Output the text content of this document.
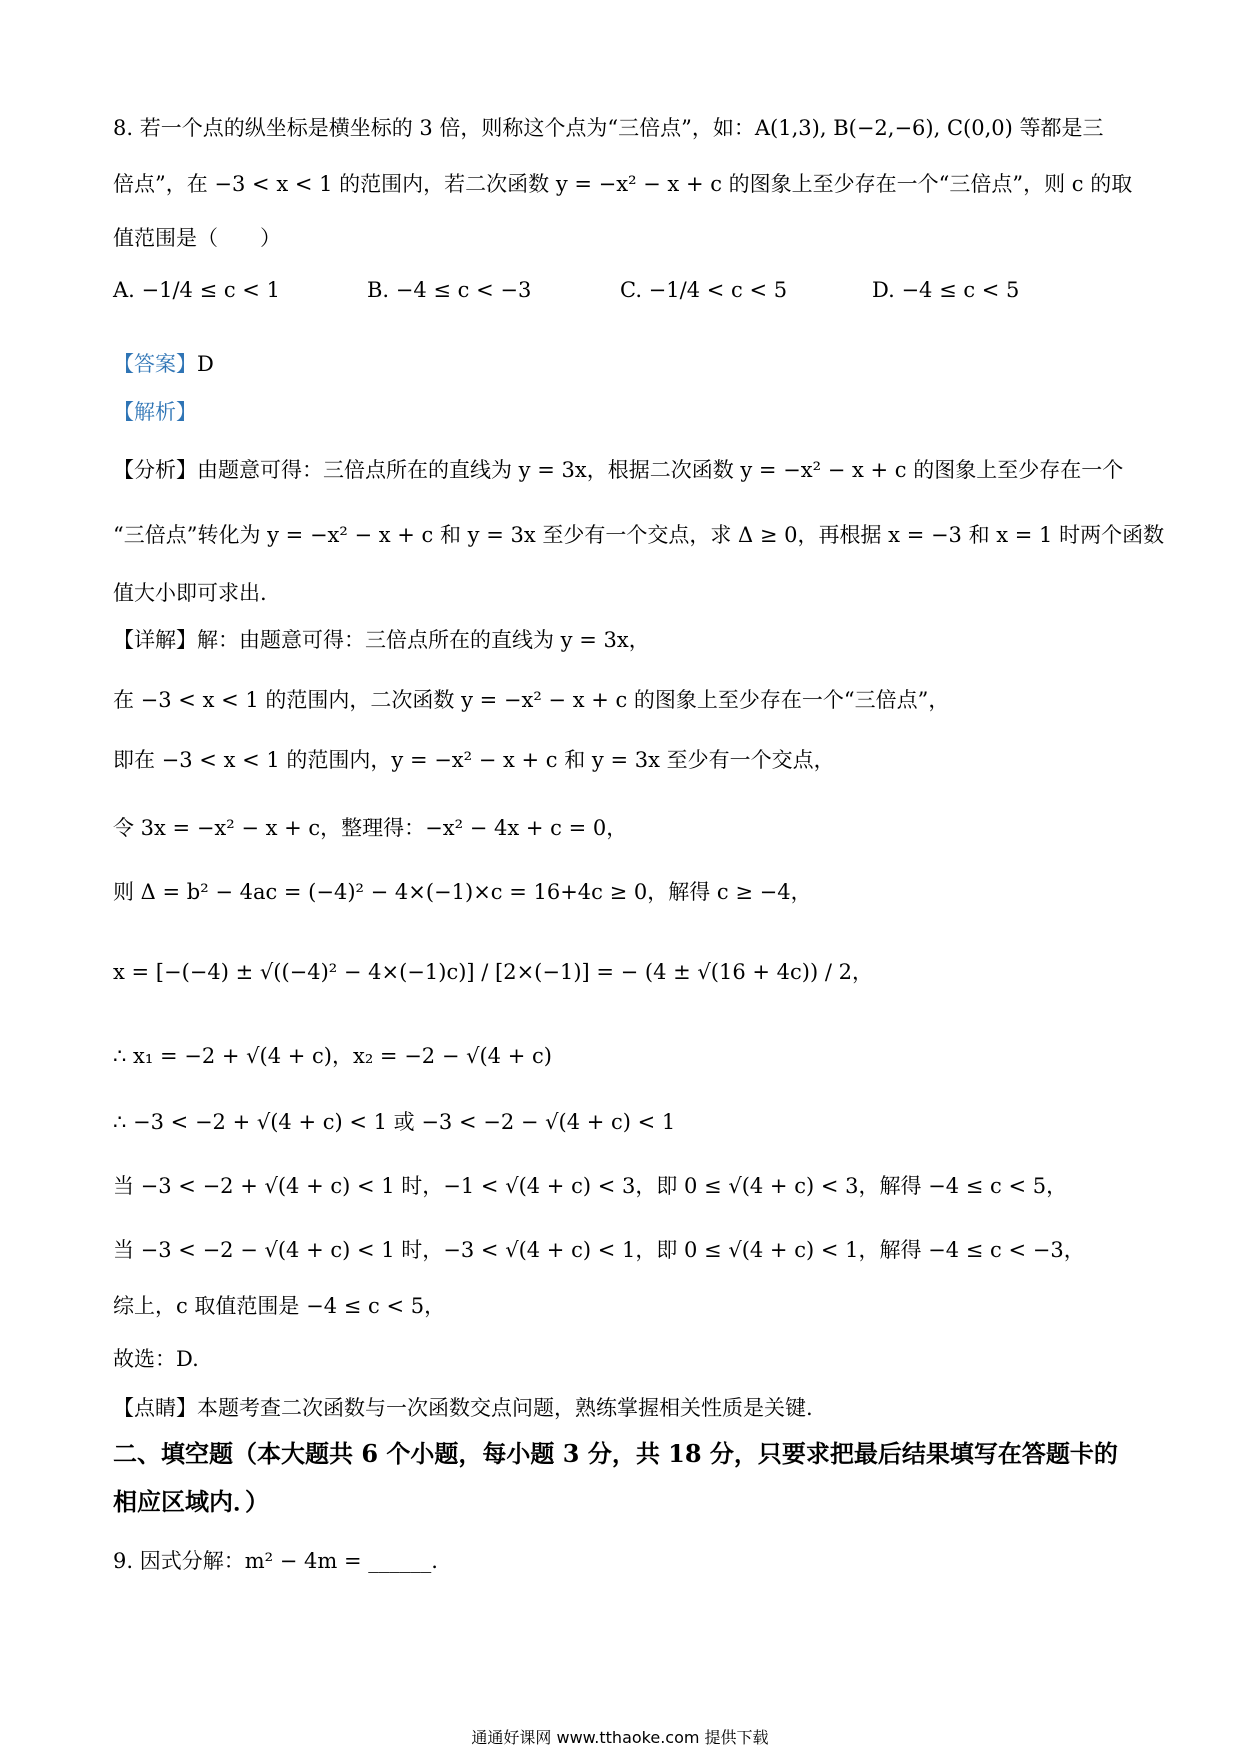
8. 若一个点的纵坐标是横坐标的 3 倍，则称这个点为“三倍点”，如：A(1,3), B(−2,−6), C(0,0) 等都是三
倍点”，在 −3 < x < 1 的范围内，若二次函数 y = −x² − x + c 的图象上至少存在一个“三倍点”，则 c 的取
值范围是（　　）
A. −1/4 ≤ c < 1	B. −4 ≤ c < −3	C. −1/4 < c < 5	D. −4 ≤ c < 5
【答案】D
【解析】
【分析】由题意可得：三倍点所在的直线为 y = 3x，根据二次函数 y = −x² − x + c 的图象上至少存在一个
“三倍点”转化为 y = −x² − x + c 和 y = 3x 至少有一个交点，求 Δ ≥ 0，再根据 x = −3 和 x = 1 时两个函数
值大小即可求出.
【详解】解：由题意可得：三倍点所在的直线为 y = 3x，
在 −3 < x < 1 的范围内，二次函数 y = −x² − x + c 的图象上至少存在一个“三倍点”，
即在 −3 < x < 1 的范围内，y = −x² − x + c 和 y = 3x 至少有一个交点，
令 3x = −x² − x + c，整理得：−x² − 4x + c = 0，
则 Δ = b² − 4ac = (−4)² − 4×(−1)×c = 16+4c ≥ 0，解得 c ≥ −4，
x = [−(−4) ± √((−4)² − 4×(−1)c)] / [2×(−1)] = − (4 ± √(16 + 4c)) / 2，
∴ x₁ = −2 + √(4 + c)，x₂ = −2 − √(4 + c)
∴ −3 < −2 + √(4 + c) < 1 或 −3 < −2 − √(4 + c) < 1
当 −3 < −2 + √(4 + c) < 1 时，−1 < √(4 + c) < 3，即 0 ≤ √(4 + c) < 3，解得 −4 ≤ c < 5，
当 −3 < −2 − √(4 + c) < 1 时，−3 < √(4 + c) < 1，即 0 ≤ √(4 + c) < 1，解得 −4 ≤ c < −3，
综上，c 取值范围是 −4 ≤ c < 5，
故选：D.
【点睛】本题考查二次函数与一次函数交点问题，熟练掌握相关性质是关键.
二、填空题（本大题共 6 个小题，每小题 3 分，共 18 分，只要求把最后结果填写在答题卡的
相应区域内．）
9. 因式分解：m² − 4m = ______.
通通好课网 www.tthaoke.com 提供下载
